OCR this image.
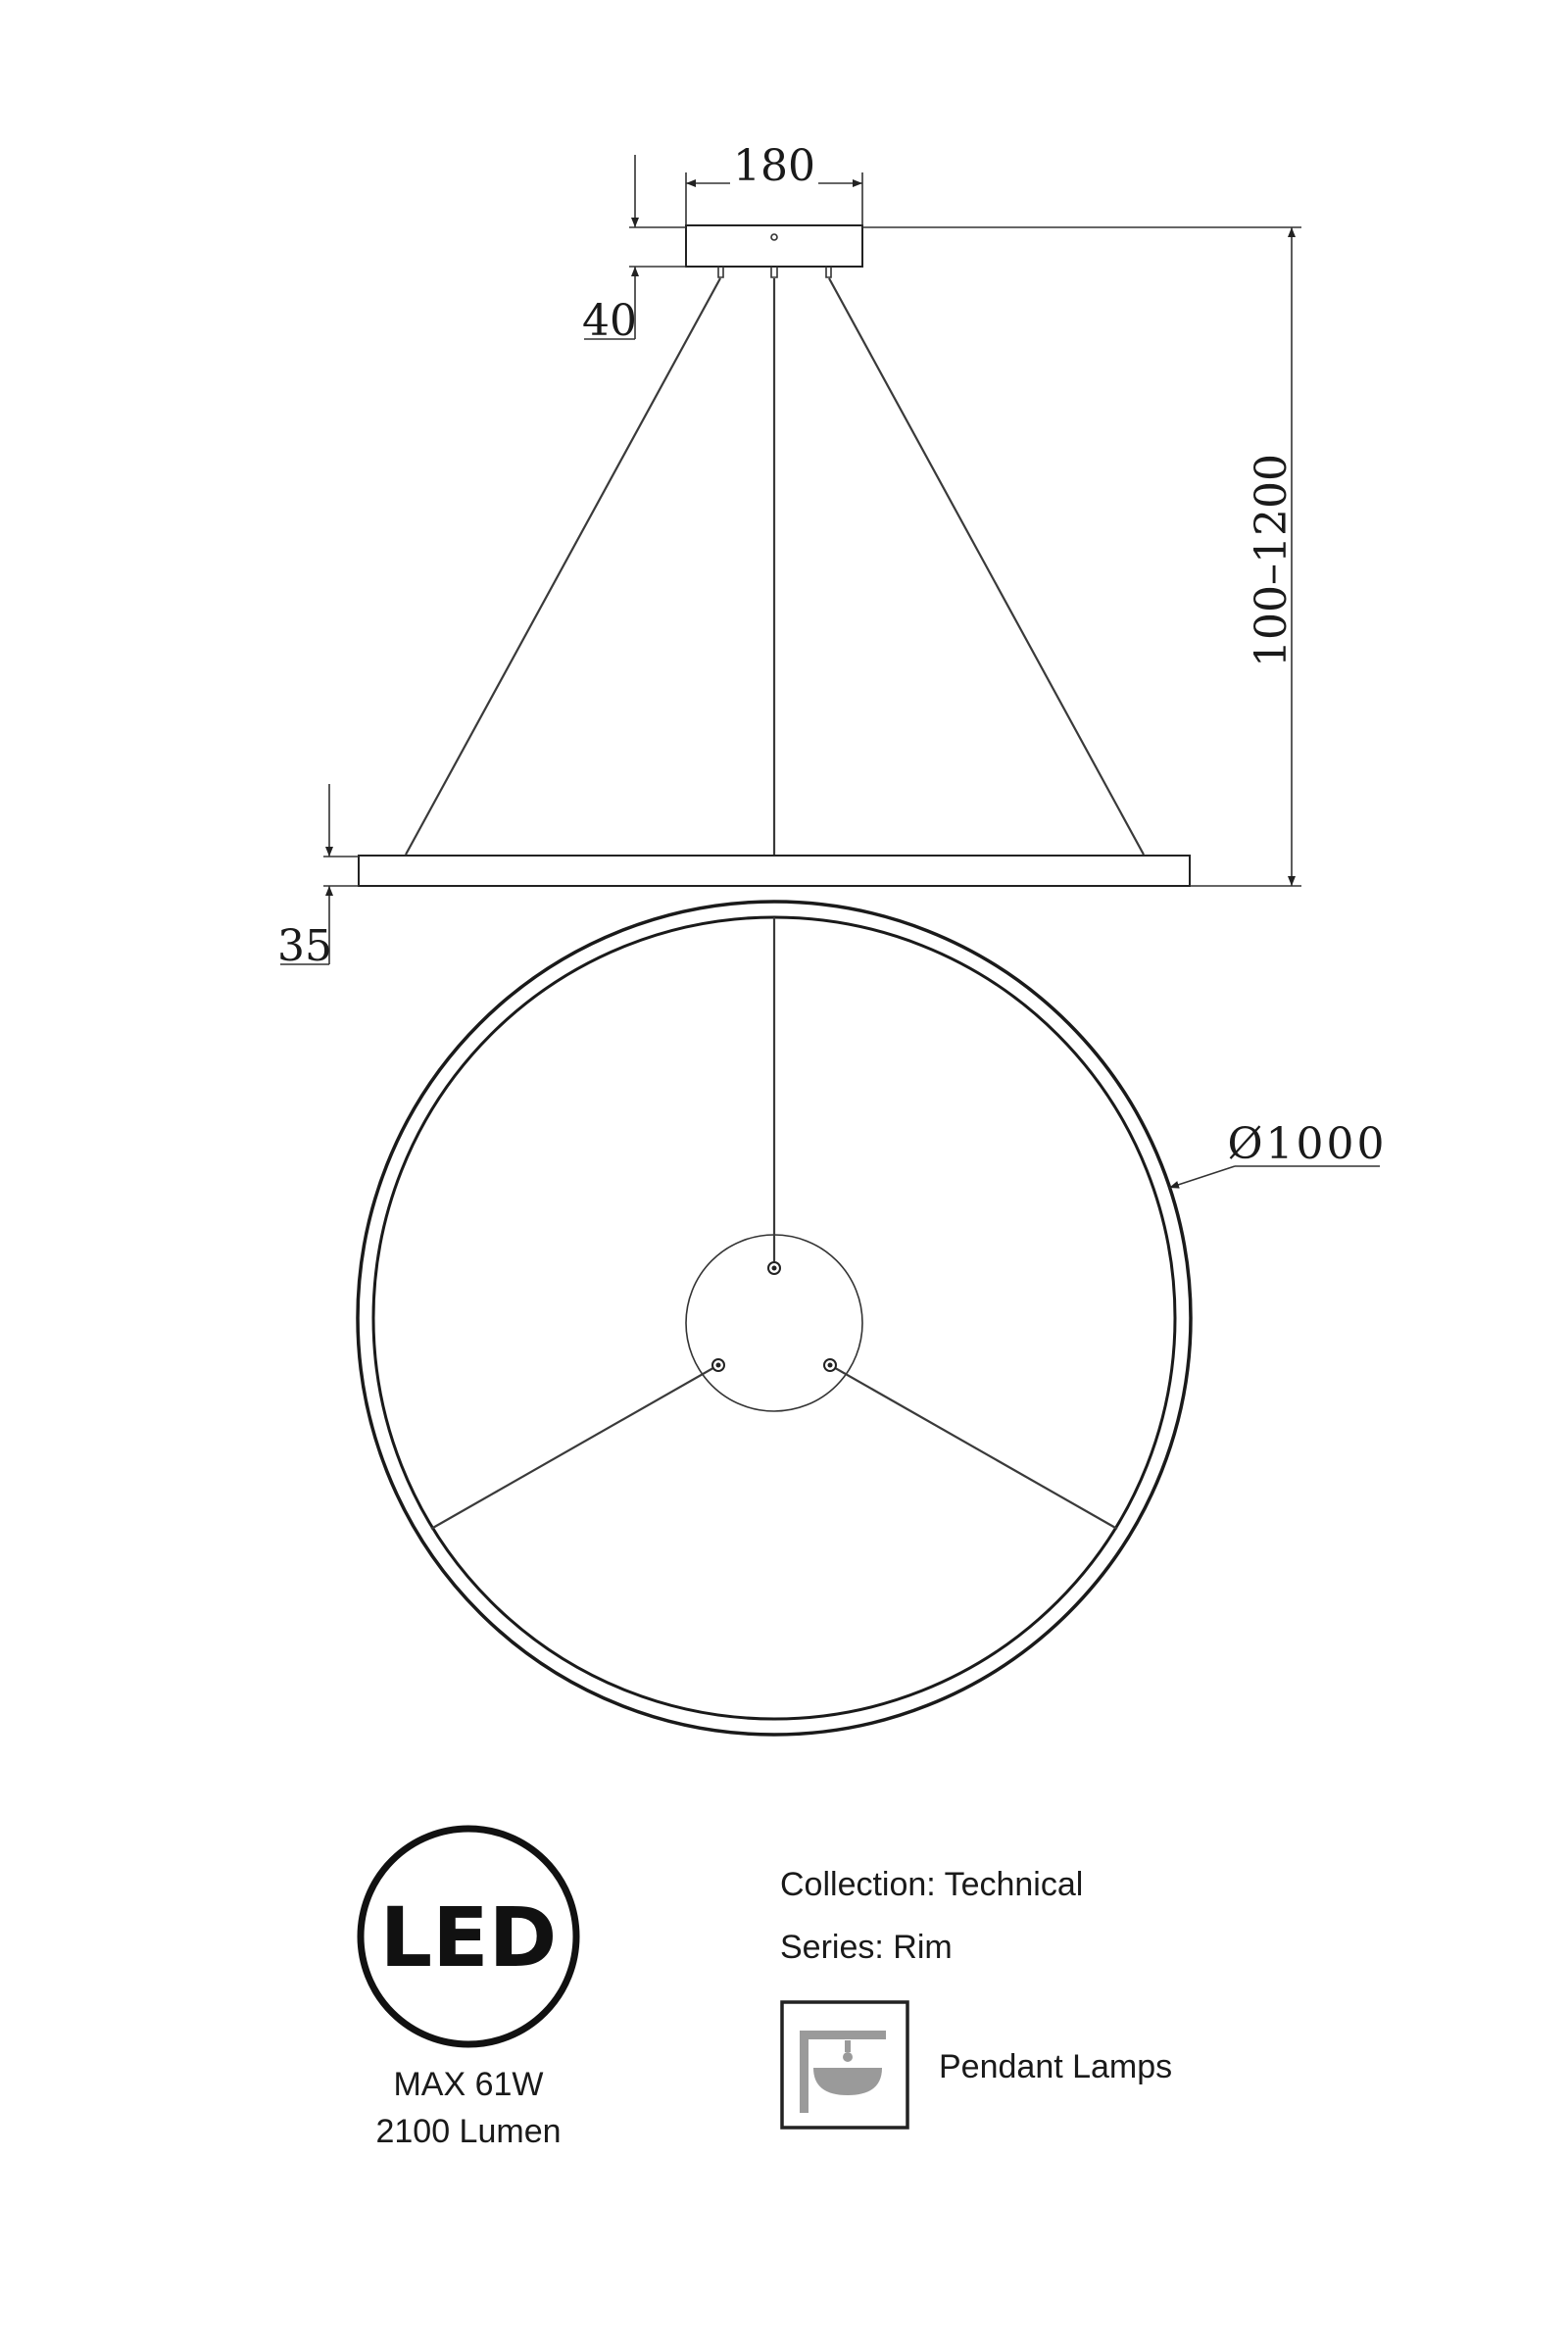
180
40
100–1200
35
Ø1000
LED
MAX 61W
2100 Lumen
Collection: Technical
Series: Rim
Pendant Lamps
